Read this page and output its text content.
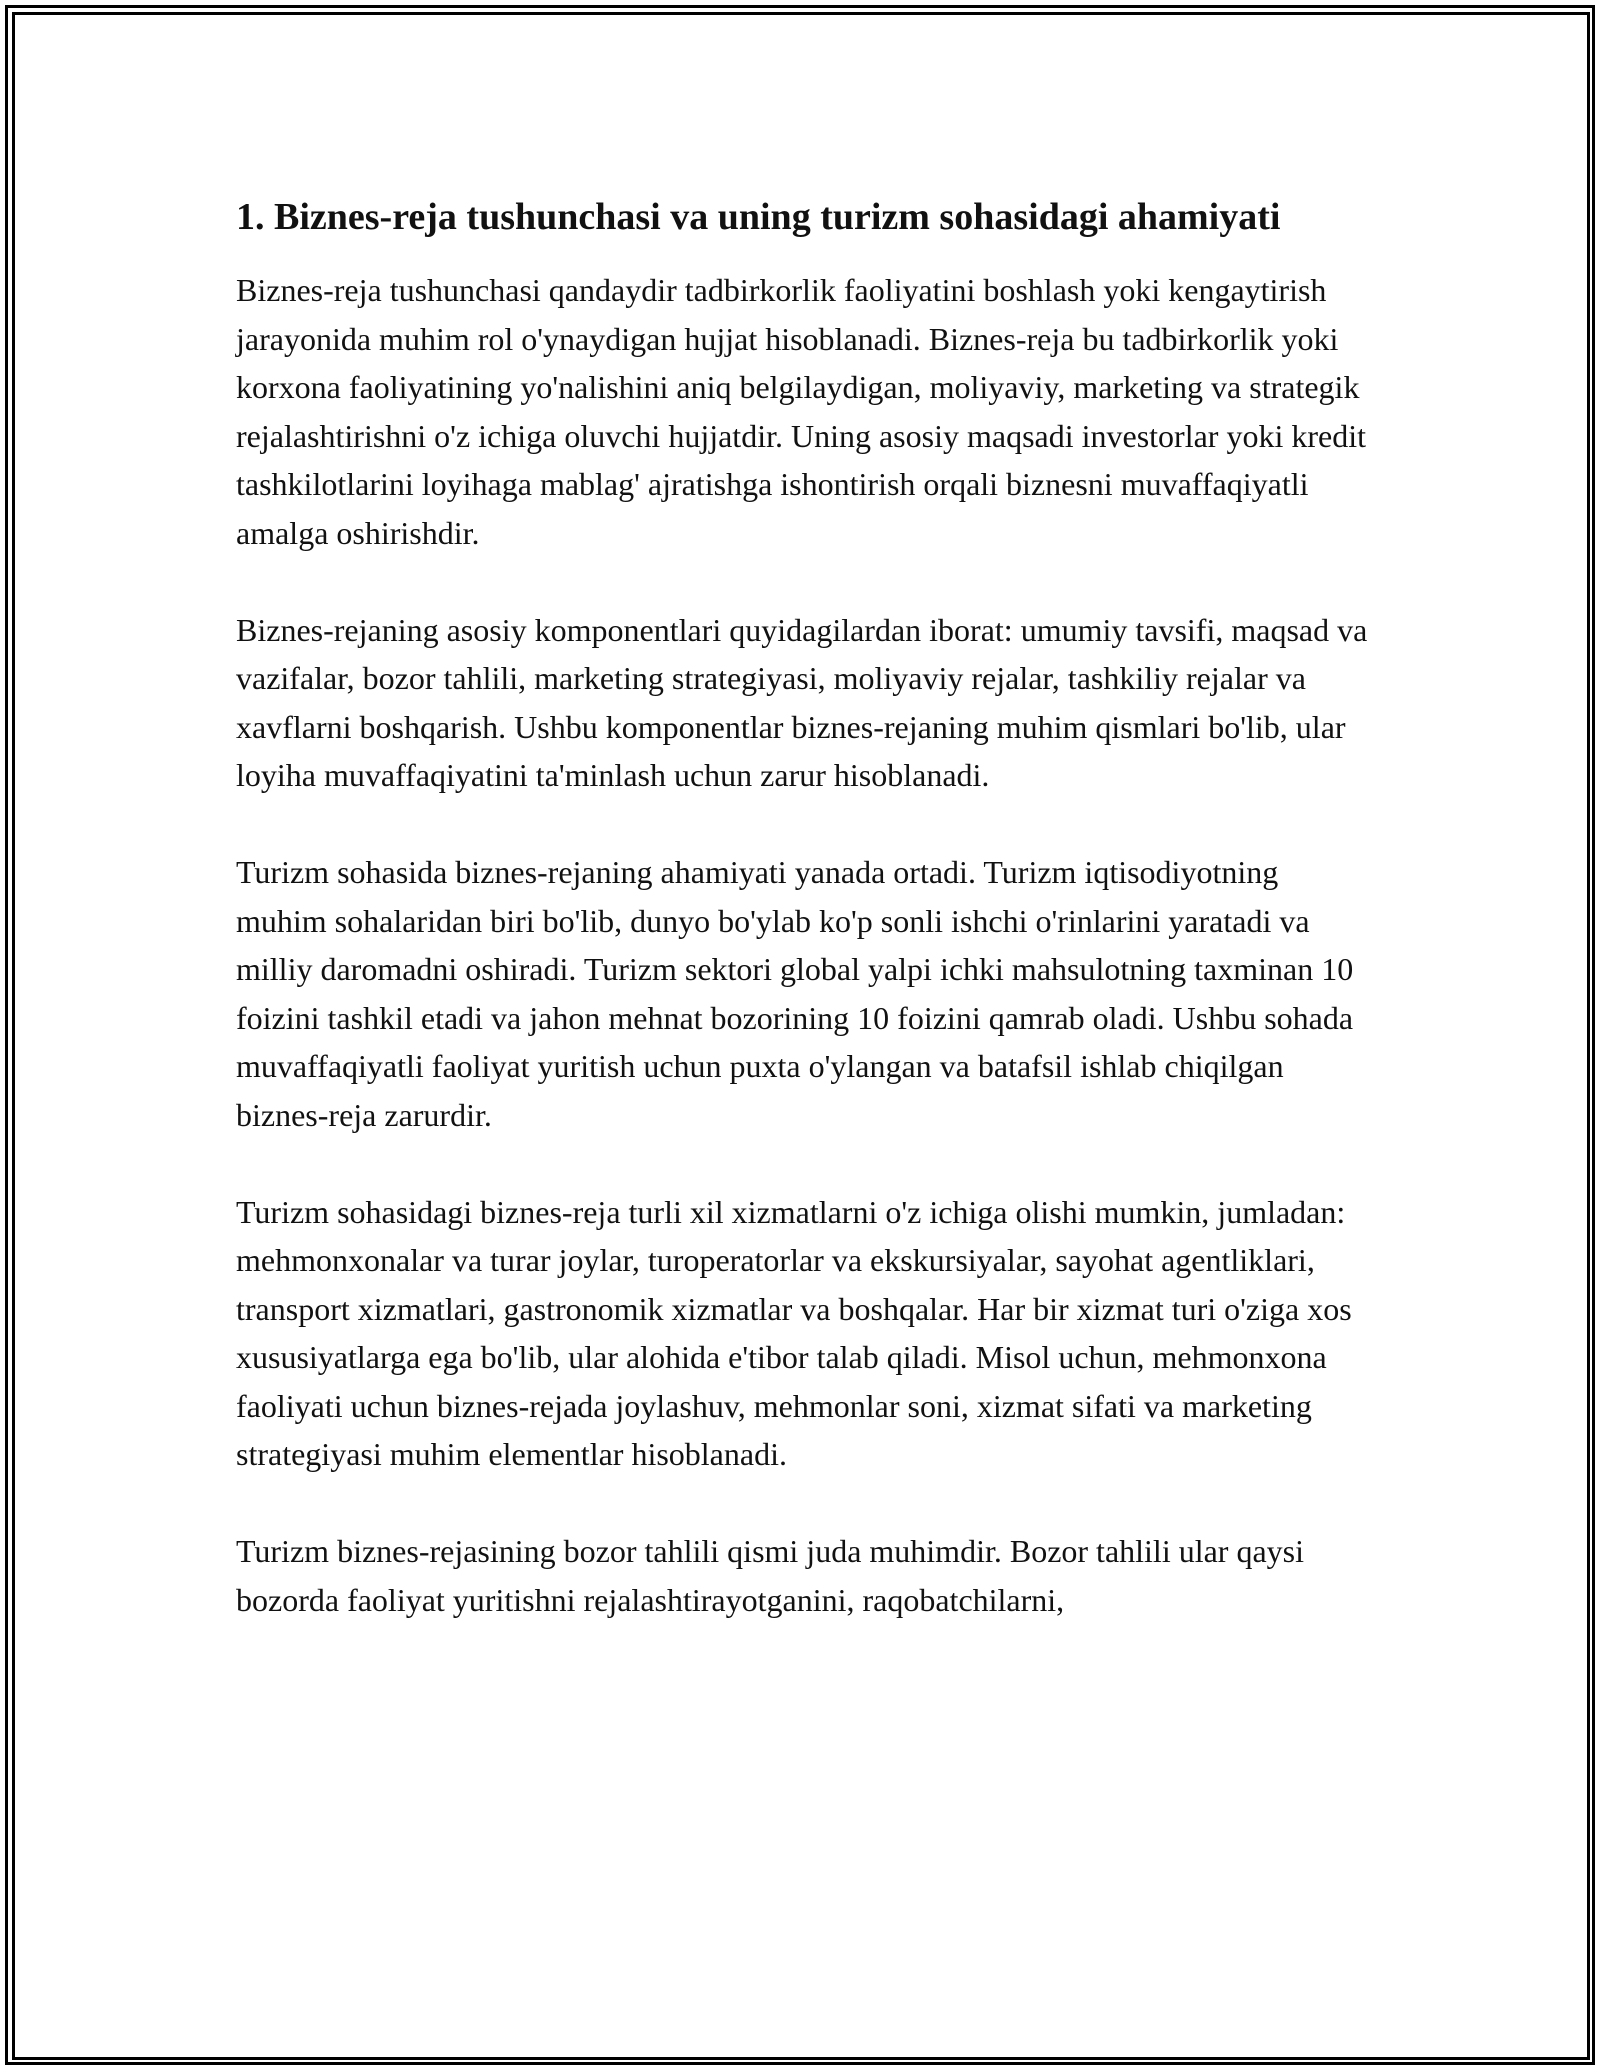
1. Biznes-reja tushunchasi va uning turizm sohasidagi ahamiyati

Biznes-reja tushunchasi qandaydir tadbirkorlik faoliyatini boshlash yoki kengaytirish jarayonida muhim rol o'ynaydigan hujjat hisoblanadi. Biznes-reja bu tadbirkorlik yoki korxona faoliyatining yo'nalishini aniq belgilaydigan, moliyaviy, marketing va strategik rejalashtirishni o'z ichiga oluvchi hujjatdir. Uning asosiy maqsadi investorlar yoki kredit tashkilotlarini loyihaga mablag' ajratishga ishontirish orqali biznesni muvaffaqiyatli amalga oshirishdir.

Biznes-rejaning asosiy komponentlari quyidagilardan iborat: umumiy tavsifi, maqsad va vazifalar, bozor tahlili, marketing strategiyasi, moliyaviy rejalar, tashkiliy rejalar va xavflarni boshqarish. Ushbu komponentlar biznes-rejaning muhim qismlari bo'lib, ular loyiha muvaffaqiyatini ta'minlash uchun zarur hisoblanadi.

Turizm sohasida biznes-rejaning ahamiyati yanada ortadi. Turizm iqtisodiyotning muhim sohalaridan biri bo'lib, dunyo bo'ylab ko'p sonli ishchi o'rinlarini yaratadi va milliy daromadni oshiradi. Turizm sektori global yalpi ichki mahsulotning taxminan 10 foizini tashkil etadi va jahon mehnat bozorining 10 foizini qamrab oladi. Ushbu sohada muvaffaqiyatli faoliyat yuritish uchun puxta o'ylangan va batafsil ishlab chiqilgan biznes-reja zarurdir.

Turizm sohasidagi biznes-reja turli xil xizmatlarni o'z ichiga olishi mumkin, jumladan: mehmonxonalar va turar joylar, turoperatorlar va ekskursiyalar, sayohat agentliklari, transport xizmatlari, gastronomik xizmatlar va boshqalar. Har bir xizmat turi o'ziga xos xususiyatlarga ega bo'lib, ular alohida e'tibor talab qiladi. Misol uchun, mehmonxona faoliyati uchun biznes-rejada joylashuv, mehmonlar soni, xizmat sifati va marketing strategiyasi muhim elementlar hisoblanadi.

Turizm biznes-rejasining bozor tahlili qismi juda muhimdir. Bozor tahlili ular qaysi bozorda faoliyat yuritishni rejalashtirayotganini, raqobatchilarni,
